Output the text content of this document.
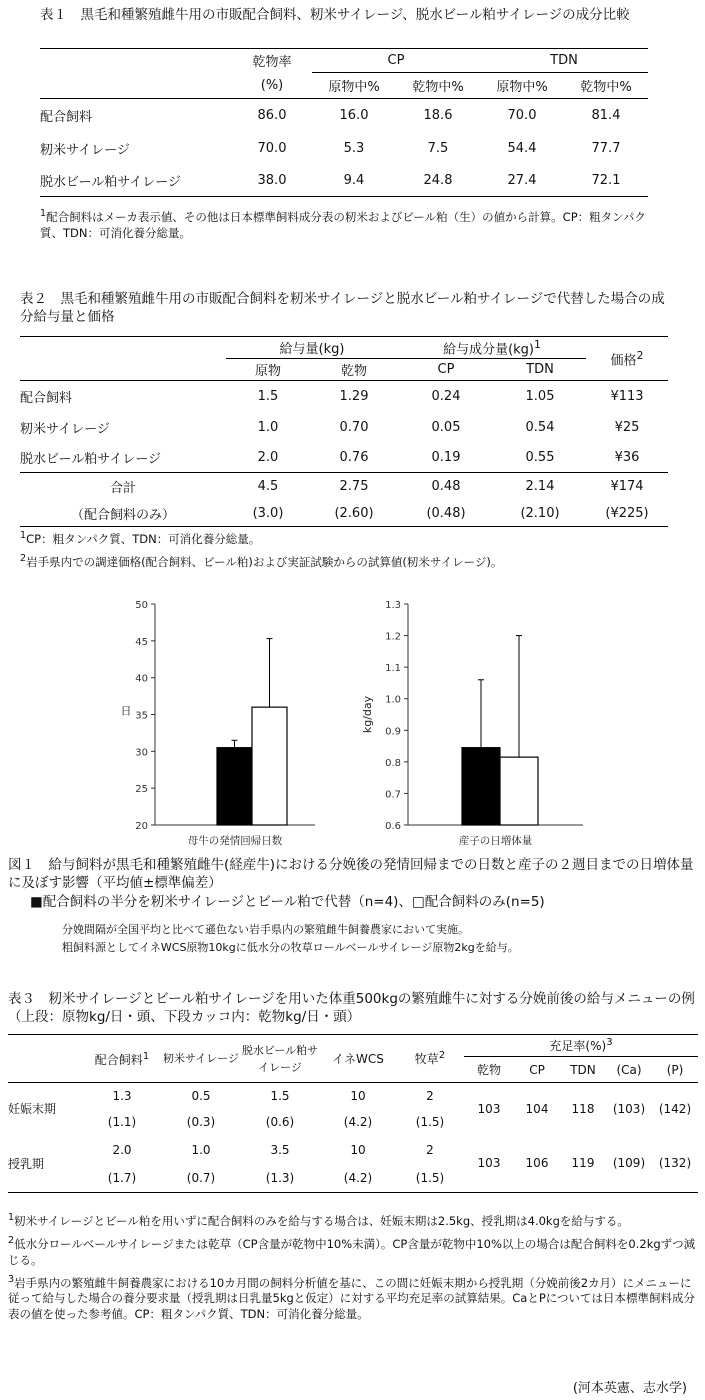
表１　黒毛和種繁殖雌牛用の市販配合飼料、籾米サイレージ、脱水ビール粕サイレージの成分比較
	乾物率	CP		TDN	
	(%)	原物中%	乾物中%	原物中%	乾物中%
配合飼料	86.0	16.0	18.6	70.0	81.4
籾米サイレージ	70.0	5.3	7.5	54.4	77.7
脱水ビール粕サイレージ	38.0	9.4	24.8	27.4	72.1
$^1$配合飼料はメーカ表示値、その他は日本標準飼料成分表の籾米およびビール粕（生）の値から計算。CP：粗タンパク質、TDN：可消化養分総量。
表２　黒毛和種繁殖雌牛用の市販配合飼料を籾米サイレージと脱水ビール粕サイレージで代替した場合の成分給与量と価格
	給与量(kg)		給与成分量(kg)$^1$		価格$^2$
	原物	乾物	CP	TDN	
配合飼料	1.5	1.29	0.24	1.05	¥113
籾米サイレージ	1.0	0.70	0.05	0.54	¥25
脱水ビール粕サイレージ	2.0	0.76	0.19	0.55	¥36
合計	4.5	2.75	0.48	2.14	¥174
（配合飼料のみ）	(3.0)	(2.60)	(0.48)	(2.10)	(¥225)
$^1$CP：粗タンパク質、TDN：可消化養分総量。
$^2$岩手県内での調達価格(配合飼料、ビール粕)および実証試験からの試算値(籾米サイレージ)。
20
25
30
35
40
45
50
日
母牛の発情回帰日数
0.6
0.7
0.8
0.9
1.0
1.1
1.2
1.3
kg/day
産子の日増体量
図１　給与飼料が黒毛和種繁殖雌牛(経産牛)における分娩後の発情回帰までの日数と産子の２週目までの日増体量に及ぼす影響（平均値±標準偏差）
■配合飼料の半分を籾米サイレージとビール粕で代替（n=4)、□配合飼料のみ(n=5)
分娩間隔が全国平均と比べて遜色ない岩手県内の繁殖雌牛飼養農家において実施。
粗飼料源としてイネWCS原物10kgに低水分の牧草ロールベールサイレージ原物2kgを給与。
表３　籾米サイレージとビール粕サイレージを用いた体重500kgの繁殖雌牛に対する分娩前後の給与メニューの例（上段：原物kg/日・頭、下段カッコ内：乾物kg/日・頭）
	配合飼料$^1$	籾米サイレージ	脱水ビール粕サイレージ	イネWCS	牧草$^2$	充足率(%)$^3$
						乾物	CP	TDN	(Ca)	(P)
妊娠末期	1.3	0.5	1.5	10	2	103	104	118	(103)	(142)
	(1.1)	(0.3)	(0.6)	(4.2)	(1.5)					
授乳期	2.0	1.0	3.5	10	2	103	106	119	(109)	(132)
	(1.7)	(0.7)	(1.3)	(4.2)	(1.5)					
$^1$籾米サイレージとビール粕を用いずに配合飼料のみを給与する場合は、妊娠末期は2.5kg、授乳期は4.0kgを給与する。
$^2$低水分ロールベールサイレージまたは乾草（CP含量が乾物中10%未満）。CP含量が乾物中10%以上の場合は配合飼料を0.2kgずつ減じる。
$^3$岩手県内の繁殖雌牛飼養農家における10カ月間の飼料分析値を基に、この間に妊娠末期から授乳期（分娩前後2カ月）にメニューに従って給与した場合の養分要求量（授乳期は日乳量5kgと仮定）に対する平均充足率の試算結果。CaとPについては日本標準飼料成分表の値を使った参考値。CP：粗タンパク質、TDN：可消化養分総量。
(河本英憲、志水学)
